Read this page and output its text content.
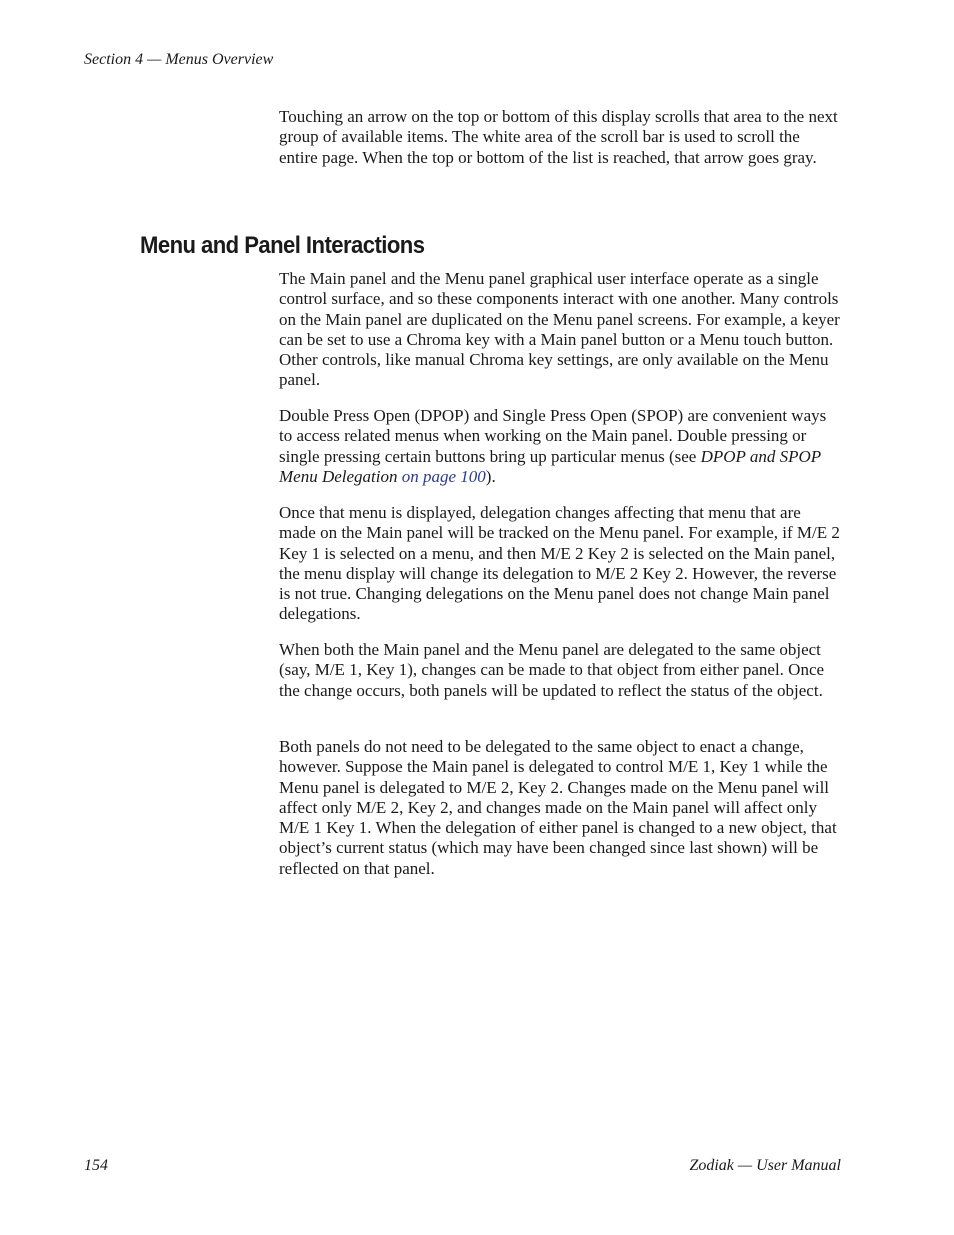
Section 4 — Menus Overview

Touching an arrow on the top or bottom of this display scrolls that area to the next group of available items. The white area of the scroll bar is used to scroll the entire page. When the top or bottom of the list is reached, that arrow goes gray.

Menu and Panel Interactions

The Main panel and the Menu panel graphical user interface operate as a single control surface, and so these components interact with one another. Many controls on the Main panel are duplicated on the Menu panel screens. For example, a keyer can be set to use a Chroma key with a Main panel button or a Menu touch button. Other controls, like manual Chroma key settings, are only available on the Menu panel.

Double Press Open (DPOP) and Single Press Open (SPOP) are convenient ways to access related menus when working on the Main panel. Double pressing or single pressing certain buttons bring up particular menus (see DPOP and SPOP Menu Delegation on page 100).

Once that menu is displayed, delegation changes affecting that menu that are made on the Main panel will be tracked on the Menu panel. For example, if M/E 2 Key 1 is selected on a menu, and then M/E 2 Key 2 is selected on the Main panel, the menu display will change its delegation to M/E 2 Key 2. However, the reverse is not true. Changing delegations on the Menu panel does not change Main panel delegations.

When both the Main panel and the Menu panel are delegated to the same object (say, M/E 1, Key 1), changes can be made to that object from either panel. Once the change occurs, both panels will be updated to reflect the status of the object.

Both panels do not need to be delegated to the same object to enact a change, however. Suppose the Main panel is delegated to control M/E 1, Key 1 while the Menu panel is delegated to M/E 2, Key 2. Changes made on the Menu panel will affect only M/E 2, Key 2, and changes made on the Main panel will affect only M/E 1 Key 1. When the delegation of either panel is changed to a new object, that object’s current status (which may have been changed since last shown) will be reflected on that panel.

154	Zodiak — User Manual
